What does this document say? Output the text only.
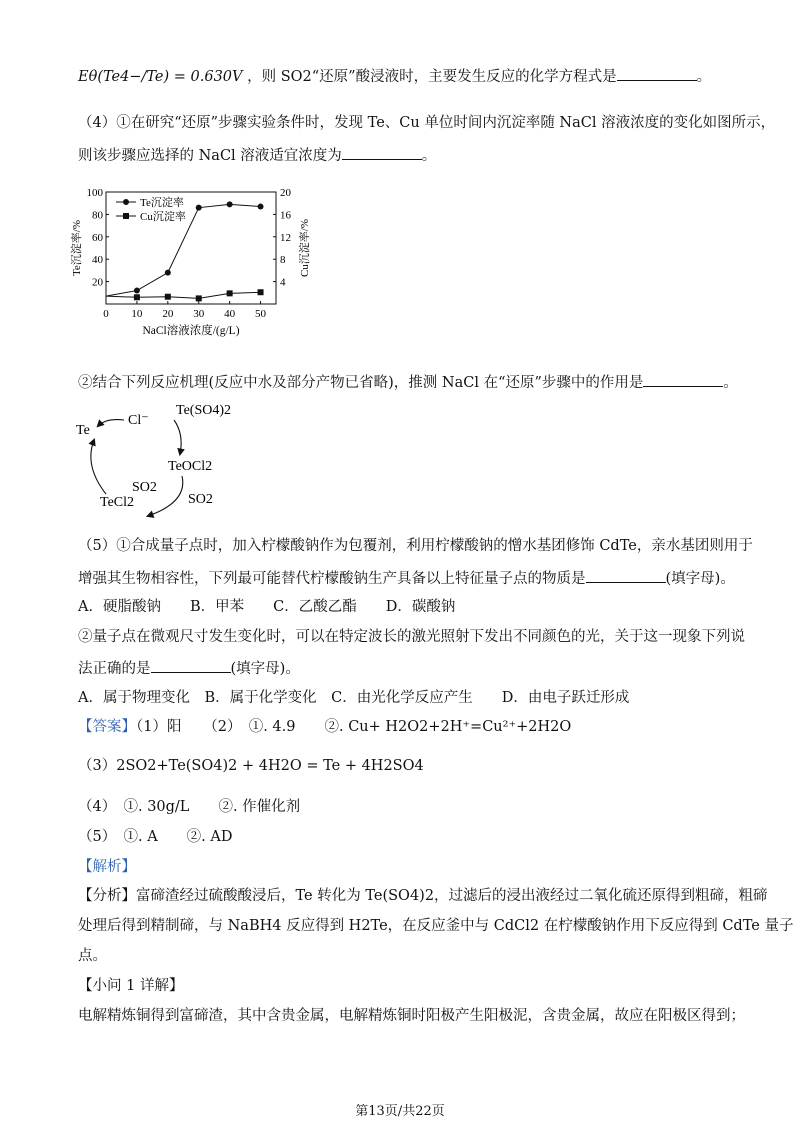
Eθ(Te4−/Te) = 0.630V ，则 SO2“还原”酸浸液时，主要发生反应的化学方程式是	。
（4）①在研究“还原”步骤实验条件时，发现 Te、Cu 单位时间内沉淀率随 NaCl 溶液浓度的变化如图所示，
则该步骤应选择的 NaCl 溶液适宜浓度为	。
0 10 20 30 40 50
20
40
60
80
100
4
8
12
16
20
NaCl溶液浓度/(g/L)
Te沉淀率/%	Cu沉淀率/%
Te沉淀率
Cu沉淀率
②结合下列反应机理(反应中水及部分产物已省略)，推测 NaCl 在“还原”步骤中的作用是	。
Te
Cl⁻
Te(SO4)2
TeOCl2
SO2
SO2
TeCl2
（5）①合成量子点时，加入柠檬酸钠作为包覆剂，利用柠檬酸钠的憎水基团修饰 CdTe，亲水基团则用于
增强其生物相容性，下列最可能替代柠檬酸钠生产具备以上特征量子点的物质是	(填字母)。
A．硬脂酸钠　　B．甲苯　　C．乙酸乙酯　　D．碳酸钠
②量子点在微观尺寸发生变化时，可以在特定波长的激光照射下发出不同颜色的光，关于这一现象下列说
法正确的是	(填字母)。
A．属于物理变化　B．属于化学变化　C．由光化学反应产生　　D．由电子跃迁形成
【答案】（1）阳　　（2）　①. 4.9　　②. Cu+ H2O2+2H⁺=Cu²⁺+2H2O
（3）2SO2+Te(SO4)2 + 4H2O = Te + 4H2SO4
（4）　①. 30g/L　　②. 作催化剂
（5）　①. A　　②. AD
【解析】
【分析】富碲渣经过硫酸酸浸后，Te 转化为 Te(SO4)2，过滤后的浸出液经过二氧化硫还原得到粗碲，粗碲
处理后得到精制碲，与 NaBH4 反应得到 H2Te，在反应釜中与 CdCl2 在柠檬酸钠作用下反应得到 CdTe 量子
点。
【小问 1 详解】
电解精炼铜得到富碲渣，其中含贵金属，电解精炼铜时阳极产生阳极泥，含贵金属，故应在阳极区得到；
第13页/共22页
